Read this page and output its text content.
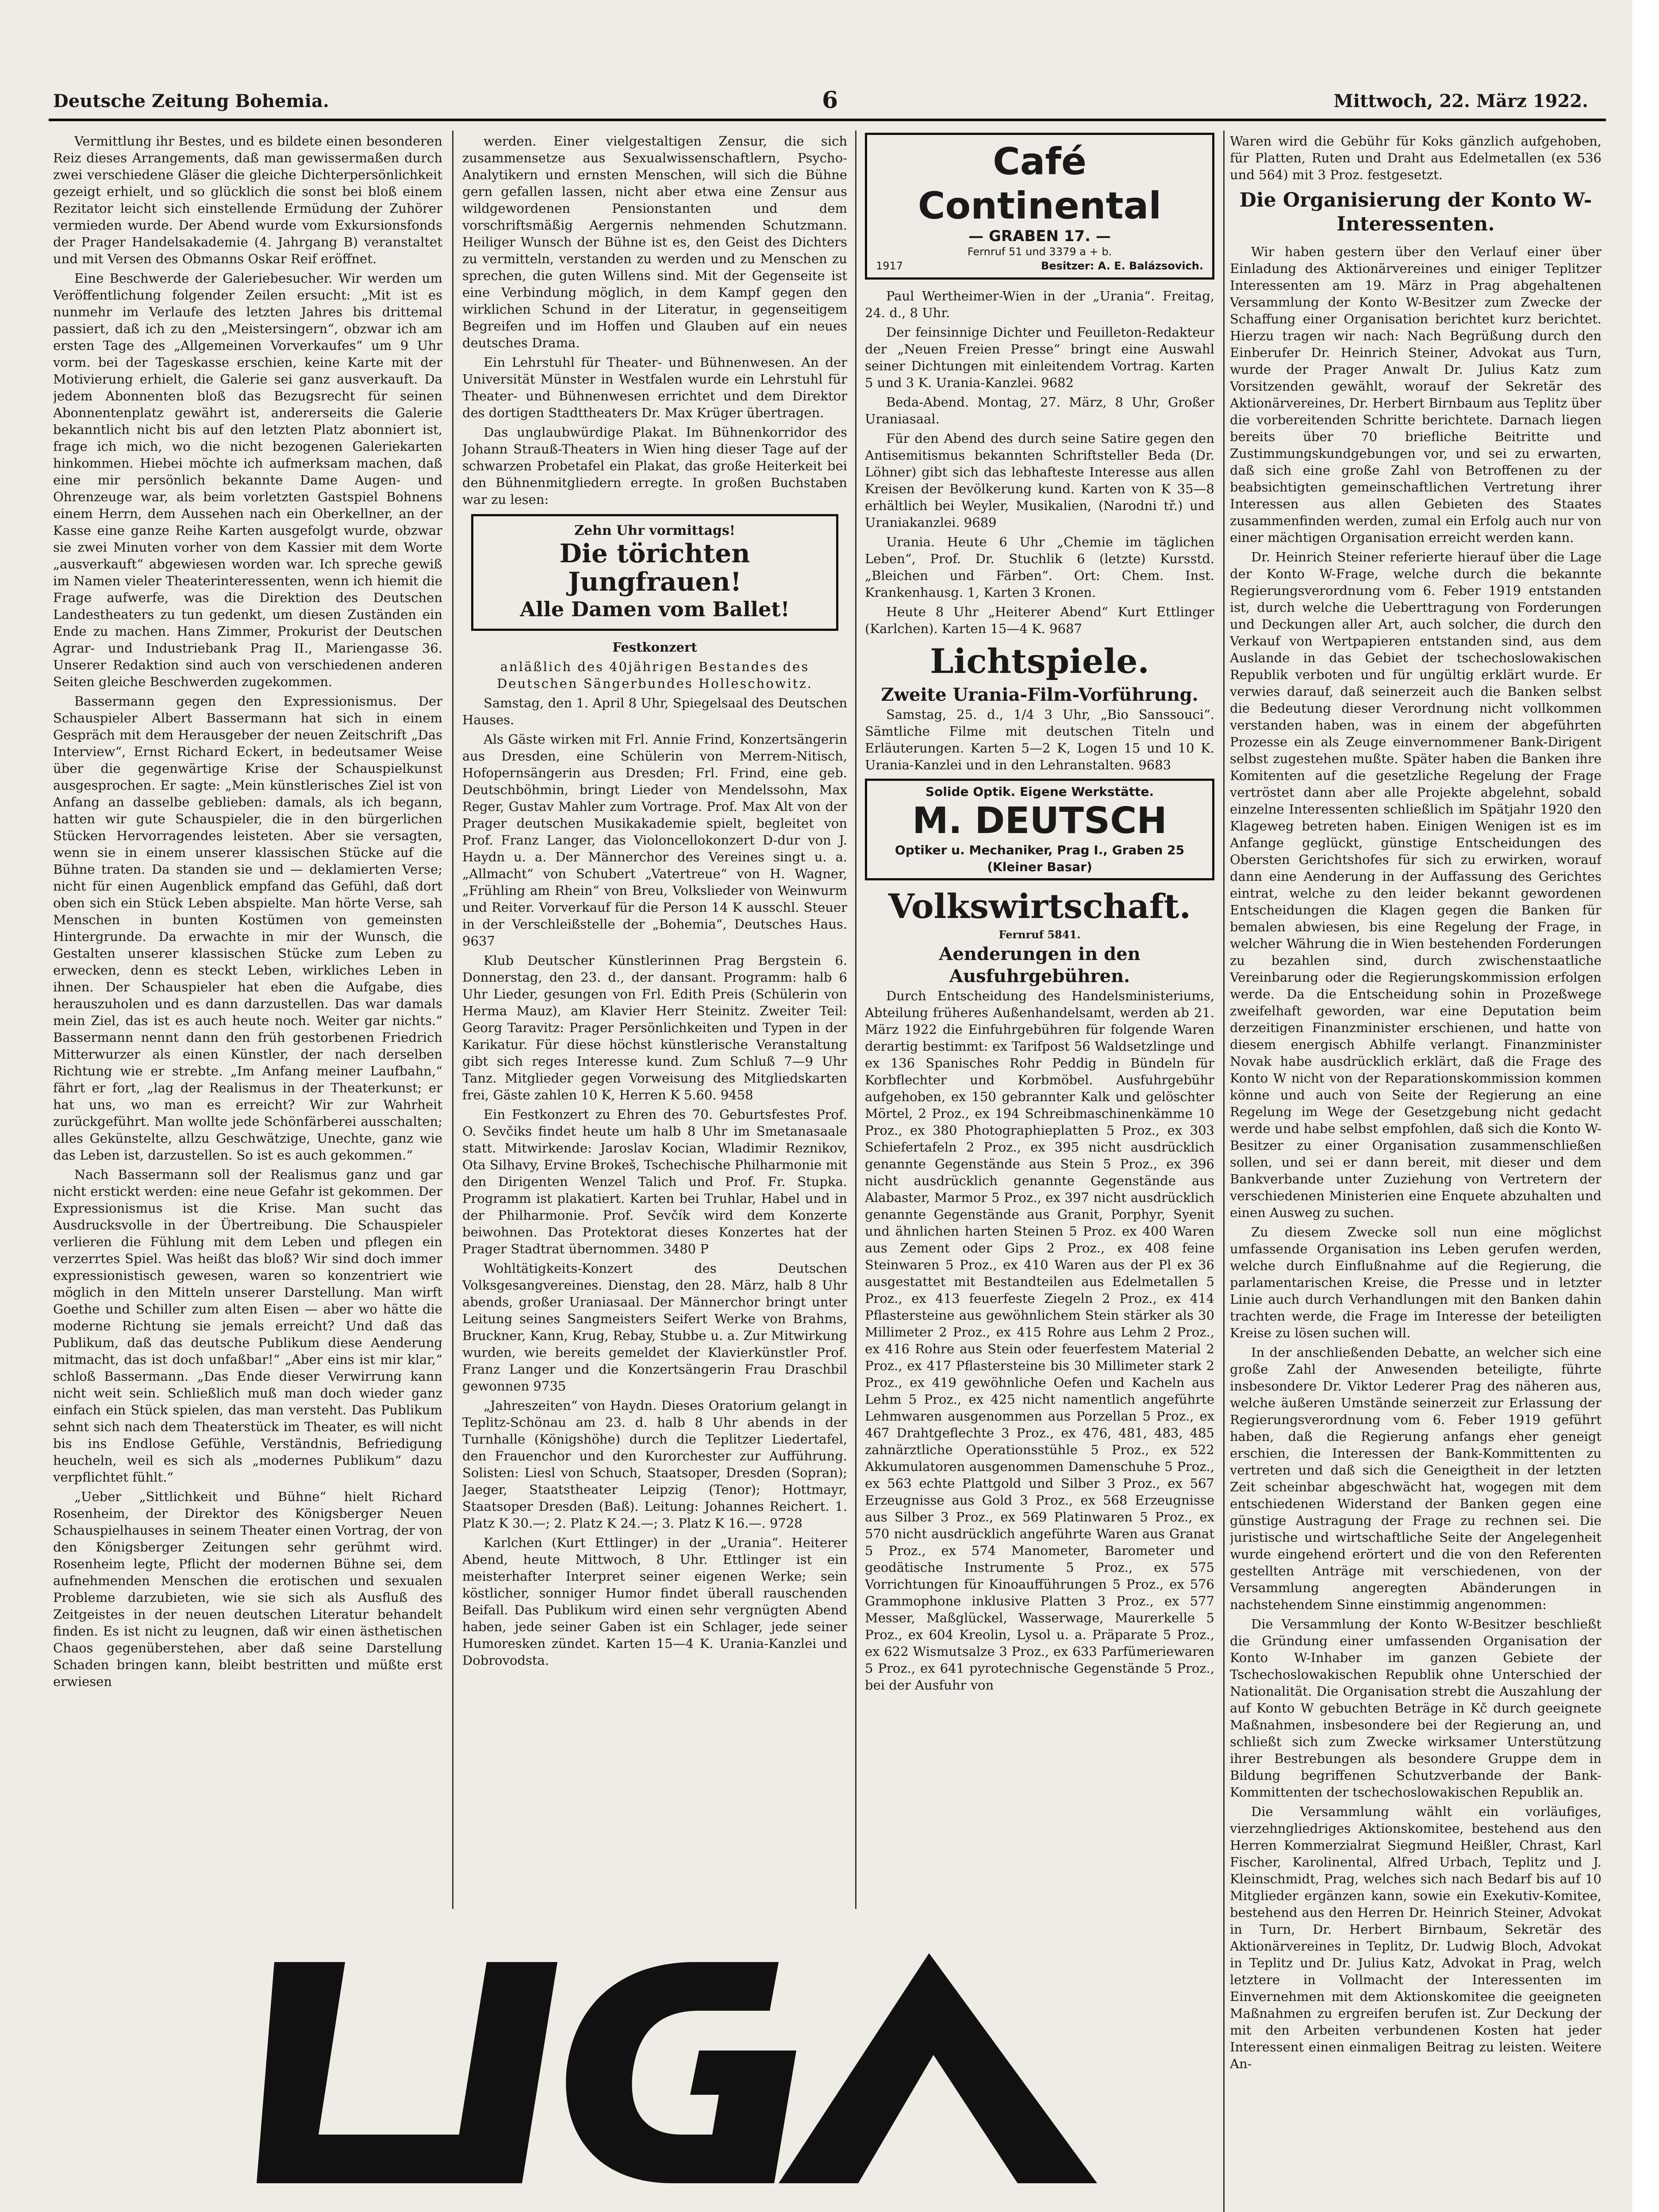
Deutsche Zeitung Bohemia.	6	Mittwoch, 22. März 1922.

Vermittlung ihr Bestes, und es bildete einen besonderen Reiz dieses Arrangements, daß man gewissermaßen durch zwei verschiedene Gläser die gleiche Dichterpersönlichkeit gezeigt erhielt, und so glücklich die sonst bei bloß einem Rezitator leicht sich einstellende Ermüdung der Zuhörer vermieden wurde. Der Abend wurde vom Exkursionsfonds der Prager Handelsakademie (4. Jahrgang B) veranstaltet und mit Versen des Obmanns Oskar Reif eröffnet.

Eine Beschwerde der Galeriebesucher. Wir werden um Veröffentlichung folgender Zeilen ersucht: „Mit ist es nunmehr im Verlaufe des letzten Jahres bis drittemal passiert, daß ich zu den „Meistersingern“, obzwar ich am ersten Tage des „Allgemeinen Vorverkaufes“ um 9 Uhr vorm. bei der Tageskasse erschien, keine Karte mit der Motivierung erhielt, die Galerie sei ganz ausverkauft. Da jedem Abonnenten bloß das Bezugsrecht für seinen Abonnentenplatz gewährt ist, andererseits die Galerie bekanntlich nicht bis auf den letzten Platz abonniert ist, frage ich mich, wo die nicht bezogenen Galeriekarten hinkommen. Hiebei möchte ich aufmerksam machen, daß eine mir persönlich bekannte Dame Augen- und Ohrenzeuge war, als beim vorletzten Gastspiel Bohnens einem Herrn, dem Aussehen nach ein Oberkellner, an der Kasse eine ganze Reihe Karten ausgefolgt wurde, obzwar sie zwei Minuten vorher von dem Kassier mit dem Worte „ausverkauft“ abgewiesen worden war. Ich spreche gewiß im Namen vieler Theaterinteressenten, wenn ich hiemit die Frage aufwerfe, was die Direktion des Deutschen Landestheaters zu tun gedenkt, um diesen Zuständen ein Ende zu machen. Hans Zimmer, Prokurist der Deutschen Agrar- und Industriebank Prag II., Mariengasse 36. Unserer Redaktion sind auch von verschiedenen anderen Seiten gleiche Beschwerden zugekommen.

Bassermann gegen den Expressionismus. Der Schauspieler Albert Bassermann hat sich in einem Gespräch mit dem Herausgeber der neuen Zeitschrift „Das Interview“, Ernst Richard Eckert, in bedeutsamer Weise über die gegenwärtige Krise der Schauspielkunst ausgesprochen. Er sagte: „Mein künstlerisches Ziel ist von Anfang an dasselbe geblieben: damals, als ich begann, hatten wir gute Schauspieler, die in den bürgerlichen Stücken Hervorragendes leisteten. Aber sie versagten, wenn sie in einem unserer klassischen Stücke auf die Bühne traten. Da standen sie und — deklamierten Verse; nicht für einen Augenblick empfand das Gefühl, daß dort oben sich ein Stück Leben abspielte. Man hörte Verse, sah Menschen in bunten Kostümen von gemeinsten Hintergrunde. Da erwachte in mir der Wunsch, die Gestalten unserer klassischen Stücke zum Leben zu erwecken, denn es steckt Leben, wirkliches Leben in ihnen. Der Schauspieler hat eben die Aufgabe, dies herauszuholen und es dann darzustellen. Das war damals mein Ziel, das ist es auch heute noch. Weiter gar nichts.“ Bassermann nennt dann den früh gestorbenen Friedrich Mitterwurzer als einen Künstler, der nach derselben Richtung wie er strebte. „Im Anfang meiner Laufbahn,“ fährt er fort, „lag der Realismus in der Theaterkunst; er hat uns, wo man es erreicht? Wir zur Wahrheit zurückgeführt. Man wollte jede Schönfärberei ausschalten; alles Gekünstelte, allzu Geschwätzige, Unechte, ganz wie das Leben ist, darzustellen. So ist es auch gekommen.“

Nach Bassermann soll der Realismus ganz und gar nicht erstickt werden: eine neue Gefahr ist gekommen. Der Expressionismus ist die Krise. Man sucht das Ausdrucksvolle in der Übertreibung. Die Schauspieler verlieren die Fühlung mit dem Leben und pflegen ein verzerrtes Spiel. Was heißt das bloß? Wir sind doch immer expressionistisch gewesen, waren so konzentriert wie möglich in den Mitteln unserer Darstellung. Man wirft Goethe und Schiller zum alten Eisen — aber wo hätte die moderne Richtung sie jemals erreicht? Und daß das Publikum, daß das deutsche Publikum diese Aenderung mitmacht, das ist doch unfaßbar!“ „Aber eins ist mir klar,“ schloß Bassermann. „Das Ende dieser Verwirrung kann nicht weit sein. Schließlich muß man doch wieder ganz einfach ein Stück spielen, das man versteht. Das Publikum sehnt sich nach dem Theaterstück im Theater, es will nicht bis ins Endlose Gefühle, Verständnis, Befriedigung heucheln, weil es sich als „modernes Publikum“ dazu verpflichtet fühlt.“

„Ueber „Sittlichkeit und Bühne“ hielt Richard Rosenheim, der Direktor des Königsberger Neuen Schauspielhauses in seinem Theater einen Vortrag, der von den Königsberger Zeitungen sehr gerühmt wird. Rosenheim legte, Pflicht der modernen Bühne sei, dem aufnehmenden Menschen die erotischen und sexualen Probleme darzubieten, wie sie sich als Ausfluß des Zeitgeistes in der neuen deutschen Literatur behandelt finden. Es ist nicht zu leugnen, daß wir einen ästhetischen Chaos gegenüberstehen, aber daß seine Darstellung Schaden bringen kann, bleibt bestritten und müßte erst erwiesen

werden. Einer vielgestaltigen Zensur, die sich zusammensetze aus Sexualwissenschaftlern, Psycho-Analytikern und ernsten Menschen, will sich die Bühne gern gefallen lassen, nicht aber etwa eine Zensur aus wildgewordenen Pensionstanten und dem vorschriftsmäßig Aergernis nehmenden Schutzmann. Heiliger Wunsch der Bühne ist es, den Geist des Dichters zu vermitteln, verstanden zu werden und zu Menschen zu sprechen, die guten Willens sind. Mit der Gegenseite ist eine Verbindung möglich, in dem Kampf gegen den wirklichen Schund in der Literatur, in gegenseitigem Begreifen und im Hoffen und Glauben auf ein neues deutsches Drama.

Ein Lehrstuhl für Theater- und Bühnenwesen. An der Universität Münster in Westfalen wurde ein Lehrstuhl für Theater- und Bühnenwesen errichtet und dem Direktor des dortigen Stadttheaters Dr. Max Krüger übertragen.

Das unglaubwürdige Plakat. Im Bühnenkorridor des Johann Strauß-Theaters in Wien hing dieser Tage auf der schwarzen Probetafel ein Plakat, das große Heiterkeit bei den Bühnenmitgliedern erregte. In großen Buchstaben war zu lesen:

Zehn Uhr vormittags!
Die törichten Jungfrauen!
Alle Damen vom Ballet!

Festkonzert

anläßlich des 40jährigen Bestandes des Deutschen Sängerbundes Holleschowitz.

Samstag, den 1. April 8 Uhr, Spiegelsaal des Deutschen Hauses.

Als Gäste wirken mit Frl. Annie Frind, Konzertsängerin aus Dresden, eine Schülerin von Merrem-Nitisch, Hofopernsängerin aus Dresden; Frl. Frind, eine geb. Deutschböhmin, bringt Lieder von Mendelssohn, Max Reger, Gustav Mahler zum Vortrage. Prof. Max Alt von der Prager deutschen Musikakademie spielt, begleitet von Prof. Franz Langer, das Violoncellokonzert D-dur von J. Haydn u. a. Der Männerchor des Vereines singt u. a. „Allmacht“ von Schubert „Vatertreue“ von H. Wagner, „Frühling am Rhein“ von Breu, Volkslieder von Weinwurm und Reiter. Vorverkauf für die Person 14 K ausschl. Steuer in der Verschleißstelle der „Bohemia“, Deutsches Haus. 9637

Klub Deutscher Künstlerinnen Prag Bergstein 6. Donnerstag, den 23. d., der dansant. Programm: halb 6 Uhr Lieder, gesungen von Frl. Edith Preis (Schülerin von Herma Mauz), am Klavier Herr Steinitz. Zweiter Teil: Georg Taravitz: Prager Persönlichkeiten und Typen in der Karikatur. Für diese höchst künstlerische Veranstaltung gibt sich reges Interesse kund. Zum Schluß 7—9 Uhr Tanz. Mitglieder gegen Vorweisung des Mitgliedskarten frei, Gäste zahlen 10 K, Herren K 5.60. 9458

Ein Festkonzert zu Ehren des 70. Geburtsfestes Prof. O. Sevčiks findet heute um halb 8 Uhr im Smetanasaale statt. Mitwirkende: Jaroslav Kocian, Wladimir Reznikov, Ota Silhavy, Ervine Brokeš, Tschechische Philharmonie mit den Dirigenten Wenzel Talich und Prof. Fr. Stupka. Programm ist plakatiert. Karten bei Truhlar, Habel und in der Philharmonie. Prof. Sevčík wird dem Konzerte beiwohnen. Das Protektorat dieses Konzertes hat der Prager Stadtrat übernommen. 3480 P

Wohltätigkeits-Konzert des Deutschen Volksgesangvereines. Dienstag, den 28. März, halb 8 Uhr abends, großer Uraniasaal. Der Männerchor bringt unter Leitung seines Sangmeisters Seifert Werke von Brahms, Bruckner, Kann, Krug, Rebay, Stubbe u. a. Zur Mitwirkung wurden, wie bereits gemeldet der Klavierkünstler Prof. Franz Langer und die Konzertsängerin Frau Draschbil gewonnen 9735

„Jahreszeiten“ von Haydn. Dieses Oratorium gelangt in Teplitz-Schönau am 23. d. halb 8 Uhr abends in der Turnhalle (Königshöhe) durch die Teplitzer Liedertafel, den Frauenchor und den Kurorchester zur Aufführung. Solisten: Liesl von Schuch, Staatsoper, Dresden (Sopran); Jaeger, Staatstheater Leipzig (Tenor); Hottmayr, Staatsoper Dresden (Baß). Leitung: Johannes Reichert. 1. Platz K 30.—; 2. Platz K 24.—; 3. Platz K 16.—. 9728

Karlchen (Kurt Ettlinger) in der „Urania“. Heiterer Abend, heute Mittwoch, 8 Uhr. Ettlinger ist ein meisterhafter Interpret seiner eigenen Werke; sein köstlicher, sonniger Humor findet überall rauschenden Beifall. Das Publikum wird einen sehr vergnügten Abend haben, jede seiner Gaben ist ein Schlager, jede seiner Humoresken zündet. Karten 15—4 K. Urania-Kanzlei und Dobrovodsta.

Café Continental
— GRABEN 17. —
Fernruf 51 und 3379 a + b.
1917	Besitzer: A. E. Balázsovich.

Paul Wertheimer-Wien in der „Urania“. Freitag, 24. d., 8 Uhr.

Der feinsinnige Dichter und Feuilleton-Redakteur der „Neuen Freien Presse“ bringt eine Auswahl seiner Dichtungen mit einleitendem Vortrag. Karten 5 und 3 K. Urania-Kanzlei. 9682

Beda-Abend. Montag, 27. März, 8 Uhr, Großer Uraniasaal.

Für den Abend des durch seine Satire gegen den Antisemitismus bekannten Schriftsteller Beda (Dr. Löhner) gibt sich das lebhafteste Interesse aus allen Kreisen der Bevölkerung kund. Karten von K 35—8 erhältlich bei Weyler, Musikalien, (Narodni tř.) und Uraniakanzlei. 9689

Urania. Heute 6 Uhr „Chemie im täglichen Leben“, Prof. Dr. Stuchlik 6 (letzte) Kursstd. „Bleichen und Färben“. Ort: Chem. Inst. Krankenhausg. 1, Karten 3 Kronen.

Heute 8 Uhr „Heiterer Abend“ Kurt Ettlinger (Karlchen). Karten 15—4 K. 9687

Lichtspiele.
Zweite Urania-Film-Vorführung.

Samstag, 25. d., 1/4 3 Uhr, „Bio Sanssouci“. Sämtliche Filme mit deutschen Titeln und Erläuterungen. Karten 5—2 K, Logen 15 und 10 K. Urania-Kanzlei und in den Lehranstalten. 9683

Solide Optik. Eigene Werkstätte.
M. DEUTSCH
Optiker u. Mechaniker, Prag I., Graben 25
(Kleiner Basar)
Volkswirtschaft.
Fernruf 5841.
Aenderungen in den Ausfuhrgebühren.

Durch Entscheidung des Handelsministeriums, Abteilung früheres Außenhandelsamt, werden ab 21. März 1922 die Einfuhrgebühren für folgende Waren derartig bestimmt: ex Tarifpost 56 Waldsetzlinge und ex 136 Spanisches Rohr Peddig in Bündeln für Korbflechter und Korbmöbel. Ausfuhrgebühr aufgehoben, ex 150 gebrannter Kalk und gelöschter Mörtel, 2 Proz., ex 194 Schreibmaschinenkämme 10 Proz., ex 380 Photographieplatten 5 Proz., ex 303 Schiefertafeln 2 Proz., ex 395 nicht ausdrücklich genannte Gegenstände aus Stein 5 Proz., ex 396 nicht ausdrücklich genannte Gegenstände aus Alabaster, Marmor 5 Proz., ex 397 nicht ausdrücklich genannte Gegenstände aus Granit, Porphyr, Syenit und ähnlichen harten Steinen 5 Proz. ex 400 Waren aus Zement oder Gips 2 Proz., ex 408 feine Steinwaren 5 Proz., ex 410 Waren aus der Pl ex 36 ausgestattet mit Bestandteilen aus Edelmetallen 5 Proz., ex 413 feuerfeste Ziegeln 2 Proz., ex 414 Pflastersteine aus gewöhnlichem Stein stärker als 30 Millimeter 2 Proz., ex 415 Rohre aus Lehm 2 Proz., ex 416 Rohre aus Stein oder feuerfestem Material 2 Proz., ex 417 Pflastersteine bis 30 Millimeter stark 2 Proz., ex 419 gewöhnliche Oefen und Kacheln aus Lehm 5 Proz., ex 425 nicht namentlich angeführte Lehmwaren ausgenommen aus Porzellan 5 Proz., ex 467 Drahtgeflechte 3 Proz., ex 476, 481, 483, 485 zahnärztliche Operationsstühle 5 Proz., ex 522 Akkumulatoren ausgenommen Damenschuhe 5 Proz., ex 563 echte Plattgold und Silber 3 Proz., ex 567 Erzeugnisse aus Gold 3 Proz., ex 568 Erzeugnisse aus Silber 3 Proz., ex 569 Platinwaren 5 Proz., ex 570 nicht ausdrücklich angeführte Waren aus Granat 5 Proz., ex 574 Manometer, Barometer und geodätische Instrumente 5 Proz., ex 575 Vorrichtungen für Kinoaufführungen 5 Proz., ex 576 Grammophone inklusive Platten 3 Proz., ex 577 Messer, Maßglückel, Wasserwage, Maurerkelle 5 Proz., ex 604 Kreolin, Lysol u. a. Präparate 5 Proz., ex 622 Wismutsalze 3 Proz., ex 633 Parfümeriewaren 5 Proz., ex 641 pyrotechnische Gegenstände 5 Proz., bei der Ausfuhr von

Waren wird die Gebühr für Koks gänzlich aufgehoben, für Platten, Ruten und Draht aus Edelmetallen (ex 536 und 564) mit 3 Proz. festgesetzt.

Die Organisierung der Konto W-Interessenten.

Wir haben gestern über den Verlauf einer über Einladung des Aktionärvereines und einiger Teplitzer Interessenten am 19. März in Prag abgehaltenen Versammlung der Konto W-Besitzer zum Zwecke der Schaffung einer Organisation berichtet kurz berichtet. Hierzu tragen wir nach: Nach Begrüßung durch den Einberufer Dr. Heinrich Steiner, Advokat aus Turn, wurde der Prager Anwalt Dr. Julius Katz zum Vorsitzenden gewählt, worauf der Sekretär des Aktionärvereines, Dr. Herbert Birnbaum aus Teplitz über die vorbereitenden Schritte berichtete. Darnach liegen bereits über 70 briefliche Beitritte und Zustimmungskundgebungen vor, und sei zu erwarten, daß sich eine große Zahl von Betroffenen zu der beabsichtigten gemeinschaftlichen Vertretung ihrer Interessen aus allen Gebieten des Staates zusammenfinden werden, zumal ein Erfolg auch nur von einer mächtigen Organisation erreicht werden kann.

Dr. Heinrich Steiner referierte hierauf über die Lage der Konto W-Frage, welche durch die bekannte Regierungsverordnung vom 6. Feber 1919 entstanden ist, durch welche die Ueberttragung von Forderungen und Deckungen aller Art, auch solcher, die durch den Verkauf von Wertpapieren entstanden sind, aus dem Auslande in das Gebiet der tschechoslowakischen Republik verboten und für ungültig erklärt wurde. Er verwies darauf, daß seinerzeit auch die Banken selbst die Bedeutung dieser Verordnung nicht vollkommen verstanden haben, was in einem der abgeführten Prozesse ein als Zeuge einvernommener Bank-Dirigent selbst zugestehen mußte. Später haben die Banken ihre Komitenten auf die gesetzliche Regelung der Frage vertröstet dann aber alle Projekte abgelehnt, sobald einzelne Interessenten schließlich im Spätjahr 1920 den Klageweg betreten haben. Einigen Wenigen ist es im Anfange geglückt, günstige Entscheidungen des Obersten Gerichtshofes für sich zu erwirken, worauf dann eine Aenderung in der Auffassung des Gerichtes eintrat, welche zu den leider bekannt gewordenen Entscheidungen die Klagen gegen die Banken für bemalen abwiesen, bis eine Regelung der Frage, in welcher Währung die in Wien bestehenden Forderungen zu bezahlen sind, durch zwischenstaatliche Vereinbarung oder die Regierungskommission erfolgen werde. Da die Entscheidung sohin in Prozeßwege zweifelhaft geworden, war eine Deputation beim derzeitigen Finanzminister erschienen, und hatte von diesem energisch Abhilfe verlangt. Finanzminister Novak habe ausdrücklich erklärt, daß die Frage des Konto W nicht von der Reparationskommission kommen könne und auch von Seite der Regierung an eine Regelung im Wege der Gesetzgebung nicht gedacht werde und habe selbst empfohlen, daß sich die Konto W-Besitzer zu einer Organisation zusammenschließen sollen, und sei er dann bereit, mit dieser und dem Bankverbande unter Zuziehung von Vertretern der verschiedenen Ministerien eine Enquete abzuhalten und einen Ausweg zu suchen.

Zu diesem Zwecke soll nun eine möglichst umfassende Organisation ins Leben gerufen werden, welche durch Einflußnahme auf die Regierung, die parlamentarischen Kreise, die Presse und in letzter Linie auch durch Verhandlungen mit den Banken dahin trachten werde, die Frage im Interesse der beteiligten Kreise zu lösen suchen will.

In der anschließenden Debatte, an welcher sich eine große Zahl der Anwesenden beteiligte, führte insbesondere Dr. Viktor Lederer Prag des näheren aus, welche äußeren Umstände seinerzeit zur Erlassung der Regierungsverordnung vom 6. Feber 1919 geführt haben, daß die Regierung anfangs eher geneigt erschien, die Interessen der Bank-Kommittenten zu vertreten und daß sich die Geneigtheit in der letzten Zeit scheinbar abgeschwächt hat, wogegen mit dem entschiedenen Widerstand der Banken gegen eine günstige Austragung der Frage zu rechnen sei. Die juristische und wirtschaftliche Seite der Angelegenheit wurde eingehend erörtert und die von den Referenten gestellten Anträge mit verschiedenen, von der Versammlung angeregten Abänderungen in nachstehendem Sinne einstimmig angenommen:

Die Versammlung der Konto W-Besitzer beschließt die Gründung einer umfassenden Organisation der Konto W-Inhaber im ganzen Gebiete der Tschechoslowakischen Republik ohne Unterschied der Nationalität. Die Organisation strebt die Auszahlung der auf Konto W gebuchten Beträge in Kč durch geeignete Maßnahmen, insbesondere bei der Regierung an, und schließt sich zum Zwecke wirksamer Unterstützung ihrer Bestrebungen als besondere Gruppe dem in Bildung begriffenen Schutzverbande der Bank-Kommittenten der tschechoslowakischen Republik an.

Die Versammlung wählt ein vorläufiges, vierzehngliedriges Aktionskomitee, bestehend aus den Herren Kommerzialrat Siegmund Heißler, Chrast, Karl Fischer, Karolinental, Alfred Urbach, Teplitz und J. Kleinschmidt, Prag, welches sich nach Bedarf bis auf 10 Mitglieder ergänzen kann, sowie ein Exekutiv-Komitee, bestehend aus den Herren Dr. Heinrich Steiner, Advokat in Turn, Dr. Herbert Birnbaum, Sekretär des Aktionärvereines in Teplitz, Dr. Ludwig Bloch, Advokat in Teplitz und Dr. Julius Katz, Advokat in Prag, welch letztere in Vollmacht der Interessenten im Einvernehmen mit dem Aktionskomitee die geeigneten Maßnahmen zu ergreifen berufen ist. Zur Deckung der mit den Arbeiten verbundenen Kosten hat jeder Interessent einen einmaligen Beitrag zu leisten. Weitere An-
